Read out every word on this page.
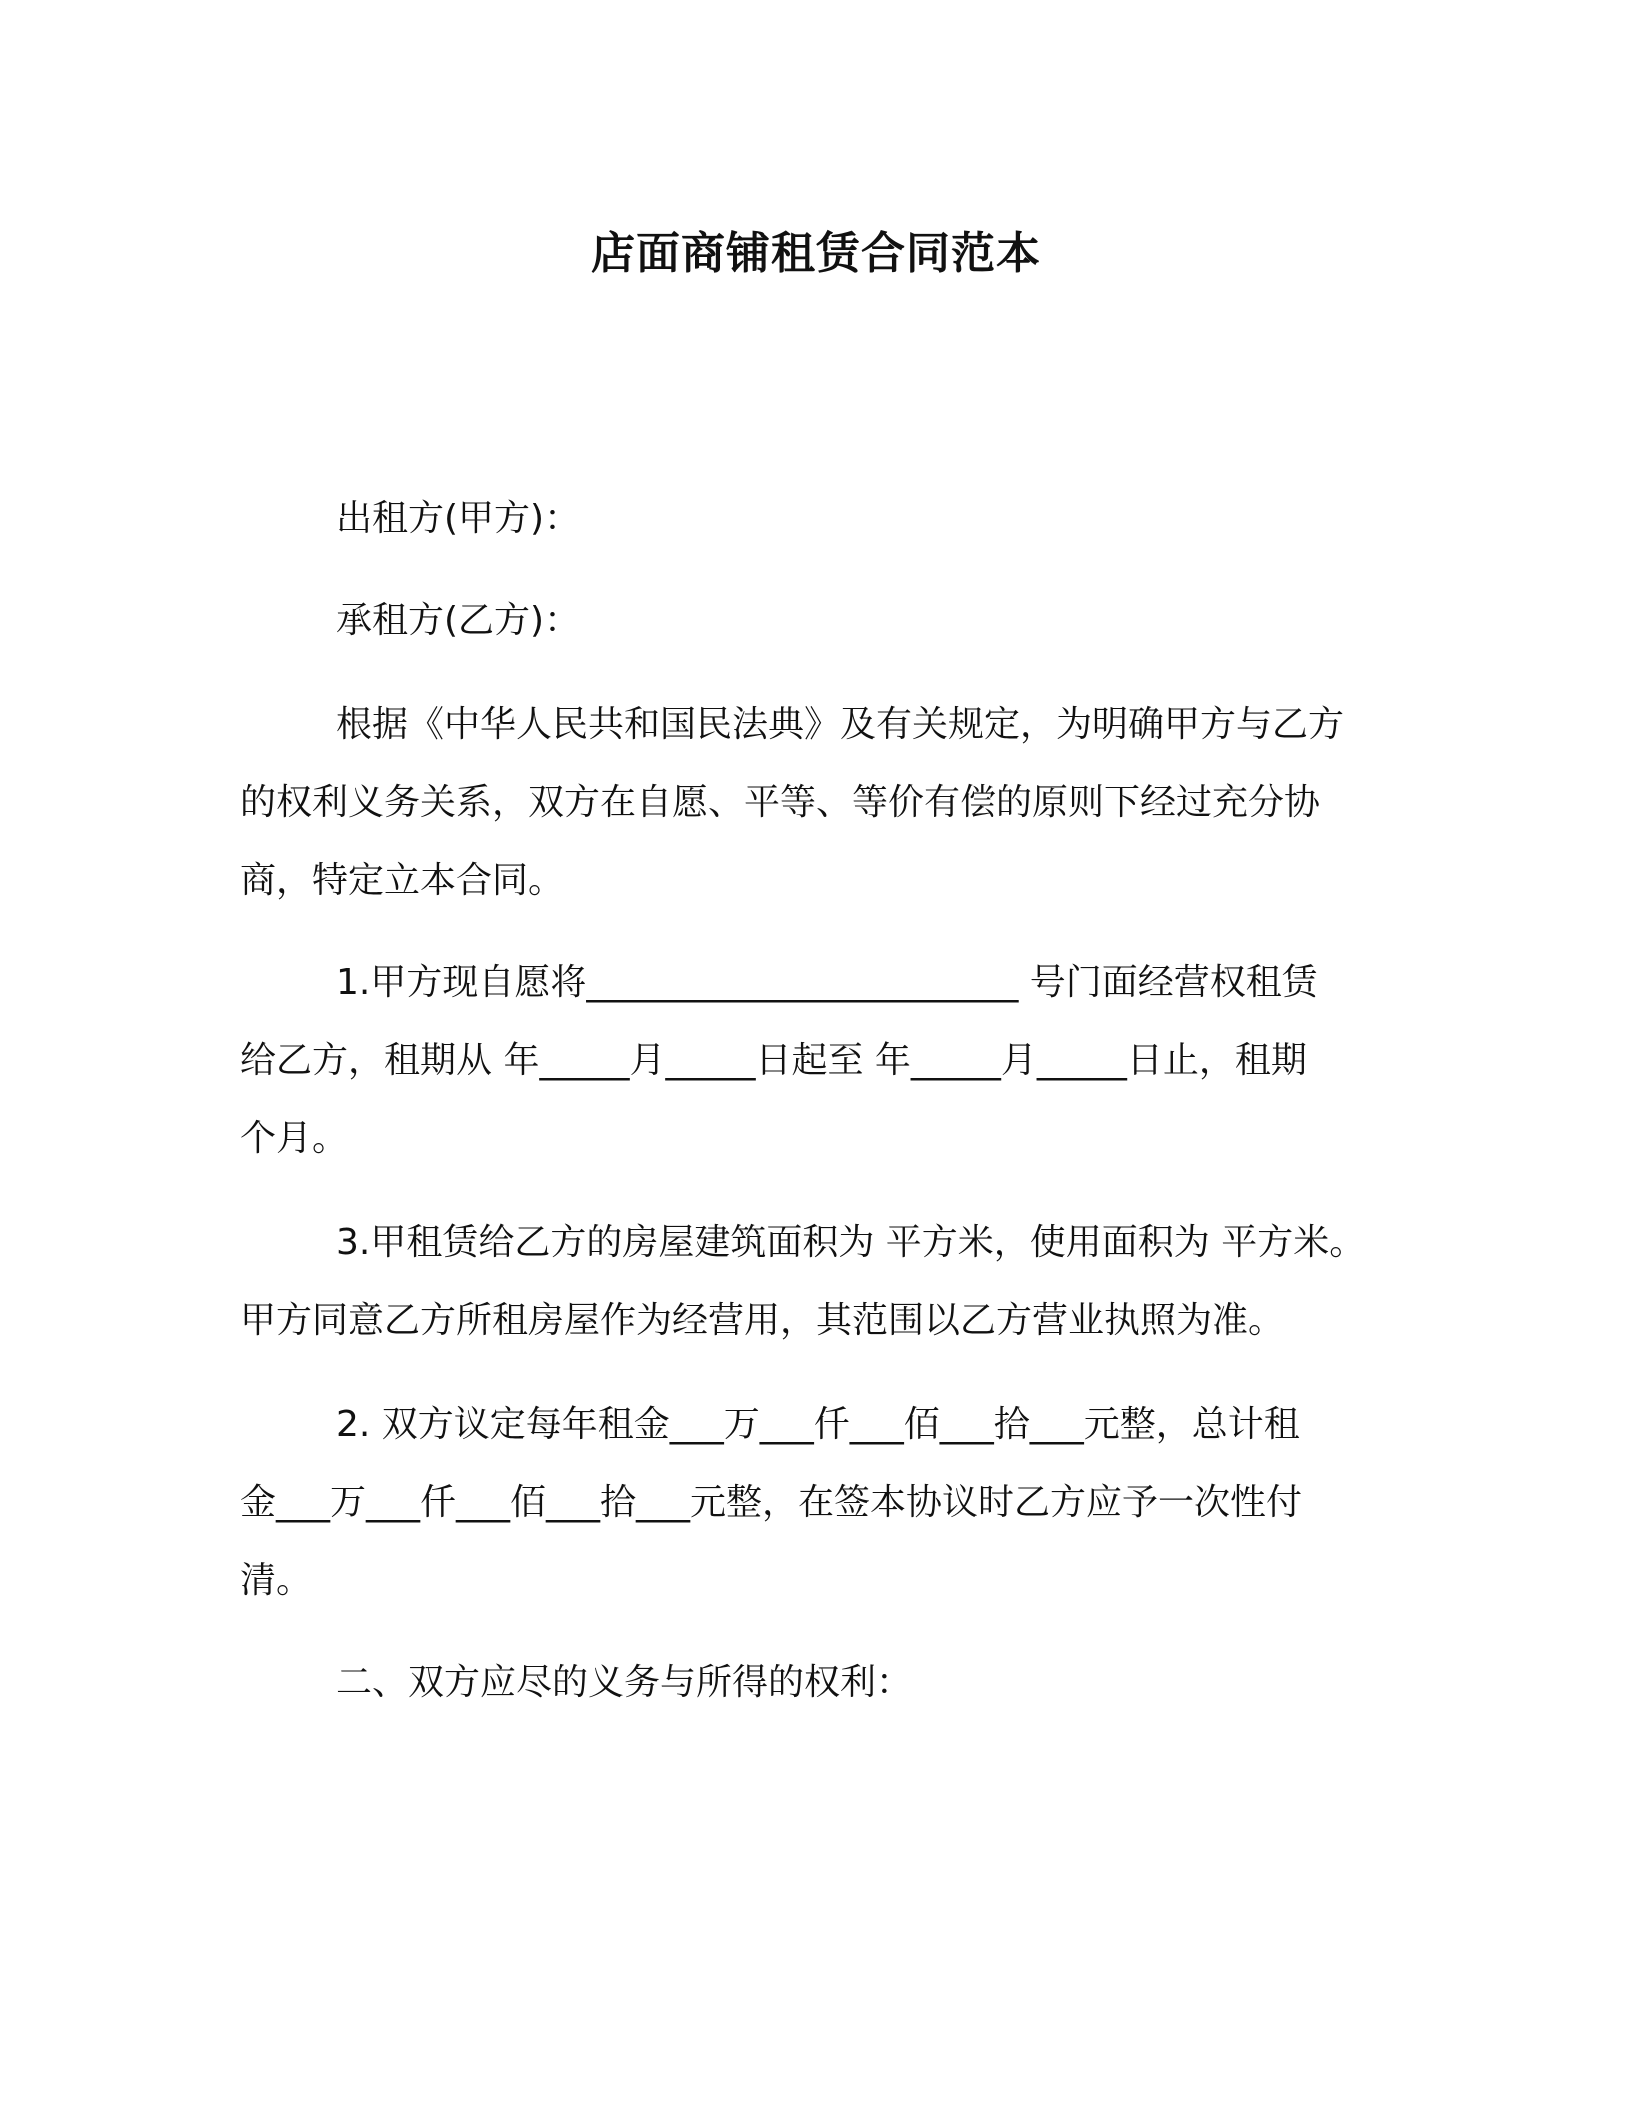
店面商铺租赁合同范本
出租方(甲方)：
承租方(乙方)：
根据《中华人民共和国民法典》及有关规定，为明确甲方与乙方
的权利义务关系，双方在自愿、平等、等价有偿的原则下经过充分协
商，特定立本合同。
1.甲方现自愿将________________________ 号门面经营权租赁
给乙方，租期从 年_____月_____日起至 年_____月_____日止，租期
个月。
3.甲租赁给乙方的房屋建筑面积为 平方米，使用面积为 平方米。
甲方同意乙方所租房屋作为经营用，其范围以乙方营业执照为准。
2. 双方议定每年租金___万___仟___佰___拾___元整，总计租
金___万___仟___佰___拾___元整，在签本协议时乙方应予一次性付
清。
二、双方应尽的义务与所得的权利：
